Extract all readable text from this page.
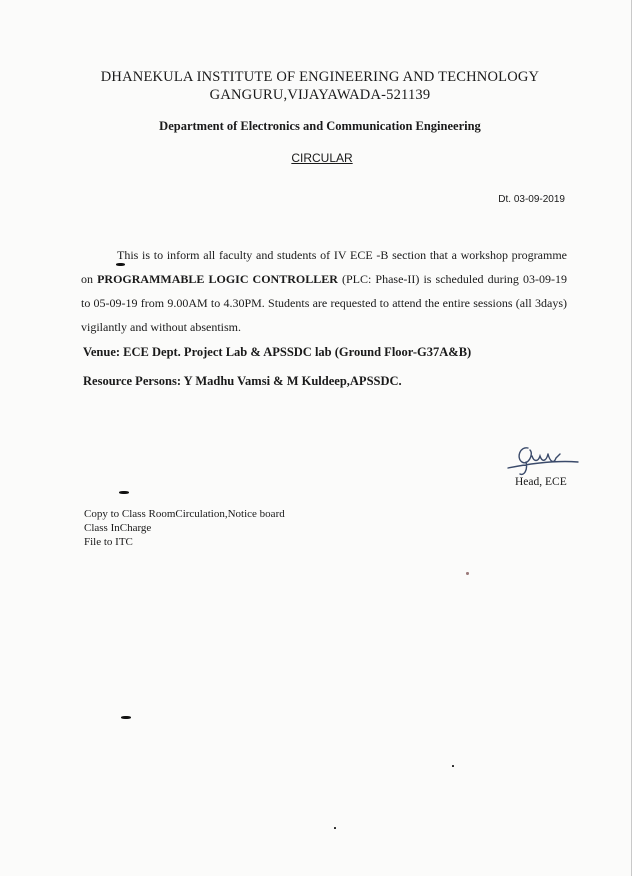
DHANEKULA INSTITUTE OF ENGINEERING AND TECHNOLOGY
GANGURU,VIJAYAWADA-521139
Department of Electronics and Communication Engineering
CIRCULAR
Dt. 03-09-2019

This is to inform all faculty and students of IV ECE -B section that a workshop programme on PROGRAMMABLE LOGIC CONTROLLER (PLC: Phase-II) is scheduled during 03-09-19 to 05-09-19 from 9.00AM to 4.30PM. Students are requested to attend the entire sessions (all 3days) vigilantly and without absentism.

Venue: ECE Dept. Project Lab & APSSDC lab (Ground Floor-G37A&B)
Resource Persons: Y Madhu Vamsi & M Kuldeep,APSSDC.
Head, ECE
Copy to Class RoomCirculation,Notice board
Class InCharge
File to ITC
